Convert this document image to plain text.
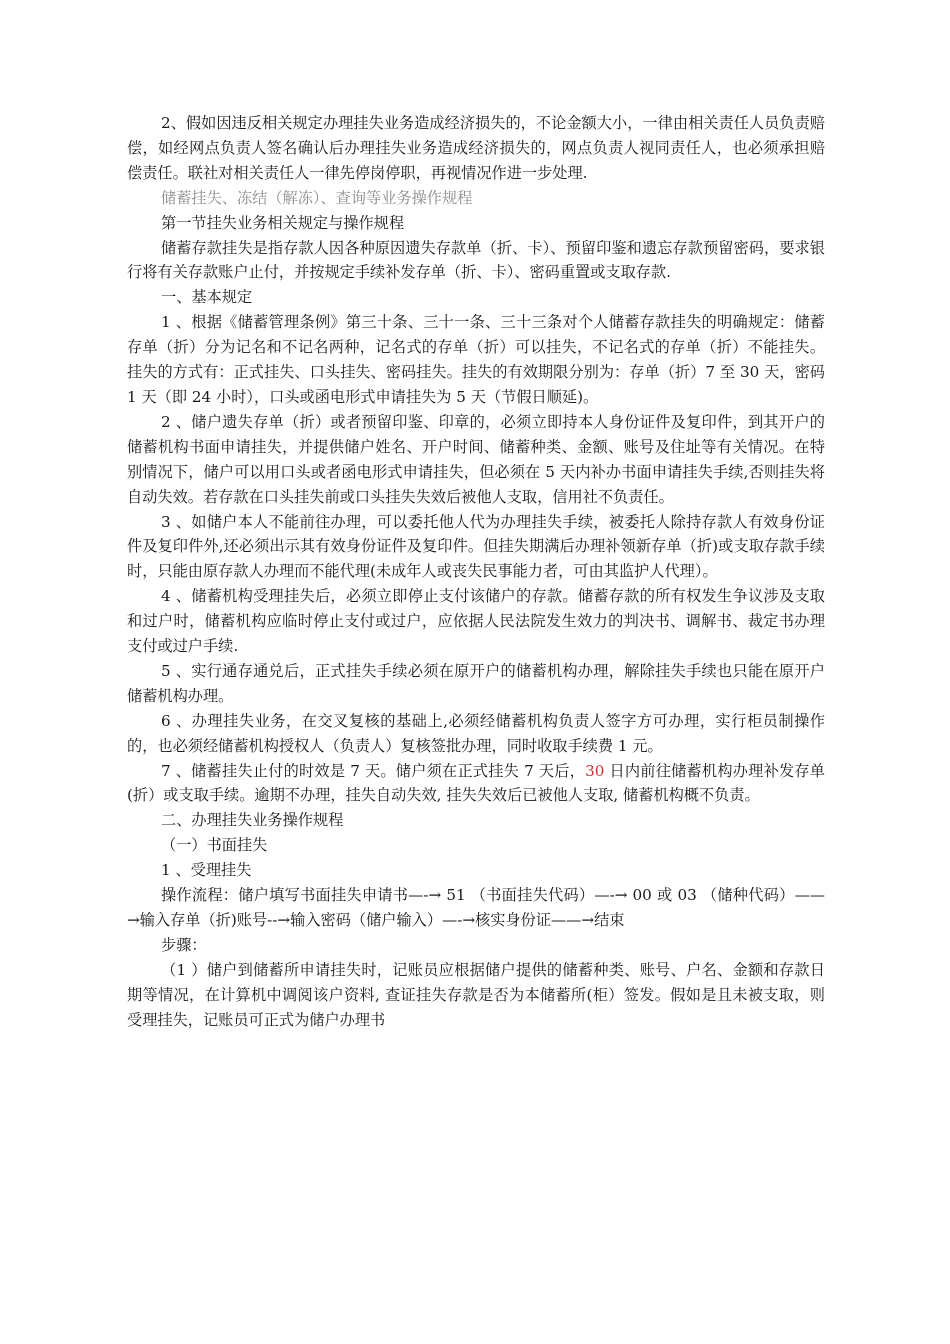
2、假如因违反相关规定办理挂失业务造成经济损失的，不论金额大小，一律由相关责任人员负责赔偿，如经网点负责人签名确认后办理挂失业务造成经济损失的，网点负责人视同责任人，也必须承担赔偿责任。联社对相关责任人一律先停岗停职，再视情况作进一步处理.

储蓄挂失、冻结（解冻）、查询等业务操作规程

第一节挂失业务相关规定与操作规程

储蓄存款挂失是指存款人因各种原因遗失存款单（折、卡）、预留印鉴和遗忘存款预留密码，要求银行将有关存款账户止付，并按规定手续补发存单（折、卡）、密码重置或支取存款.

一、基本规定

1 、根据《储蓄管理条例》第三十条、三十一条、三十三条对个人储蓄存款挂失的明确规定：储蓄存单（折）分为记名和不记名两种，记名式的存单（折）可以挂失，不记名式的存单（折）不能挂失。挂失的方式有：正式挂失、口头挂失、密码挂失。挂失的有效期限分别为：存单（折）7 至 30 天，密码 1 天（即 24 小时），口头或函电形式申请挂失为 5 天（节假日顺延)。

2 、储户遗失存单（折）或者预留印鉴、印章的，必须立即持本人身份证件及复印件，到其开户的储蓄机构书面申请挂失，并提供储户姓名、开户时间、储蓄种类、金额、账号及住址等有关情况。在特别情况下，储户可以用口头或者函电形式申请挂失，但必须在 5 天内补办书面申请挂失手续,否则挂失将自动失效。若存款在口头挂失前或口头挂失失效后被他人支取，信用社不负责任。

3 、如储户本人不能前往办理，可以委托他人代为办理挂失手续，被委托人除持存款人有效身份证件及复印件外,还必须出示其有效身份证件及复印件。但挂失期满后办理补领新存单（折)或支取存款手续时，只能由原存款人办理而不能代理(未成年人或丧失民事能力者，可由其监护人代理）。

4 、储蓄机构受理挂失后，必须立即停止支付该储户的存款。储蓄存款的所有权发生争议涉及支取和过户时，储蓄机构应临时停止支付或过户，应依据人民法院发生效力的判决书、调解书、裁定书办理支付或过户手续.

5 、实行通存通兑后，正式挂失手续必须在原开户的储蓄机构办理，解除挂失手续也只能在原开户储蓄机构办理。

6 、办理挂失业务，在交叉复核的基础上,必须经储蓄机构负责人签字方可办理，实行柜员制操作的，也必须经储蓄机构授权人（负责人）复核签批办理，同时收取手续费 1 元。

7 、储蓄挂失止付的时效是 7 天。储户须在正式挂失 7 天后，30 日内前往储蓄机构办理补发存单(折）或支取手续。逾期不办理，挂失自动失效, 挂失失效后已被他人支取, 储蓄机构概不负责。

二、办理挂失业务操作规程

（一）书面挂失

1 、受理挂失

操作流程：储户填写书面挂失申请书—-→ 51 （书面挂失代码）—-→ 00 或 03 （储种代码）——→输入存单（折)账号--→输入密码（储户输入）—-→核实身份证——→结束

步骤：

（1 ）储户到储蓄所申请挂失时，记账员应根据储户提供的储蓄种类、账号、户名、金额和存款日期等情况，在计算机中调阅该户资料, 查证挂失存款是否为本储蓄所(柜）签发。假如是且未被支取，则受理挂失，记账员可正式为储户办理书
